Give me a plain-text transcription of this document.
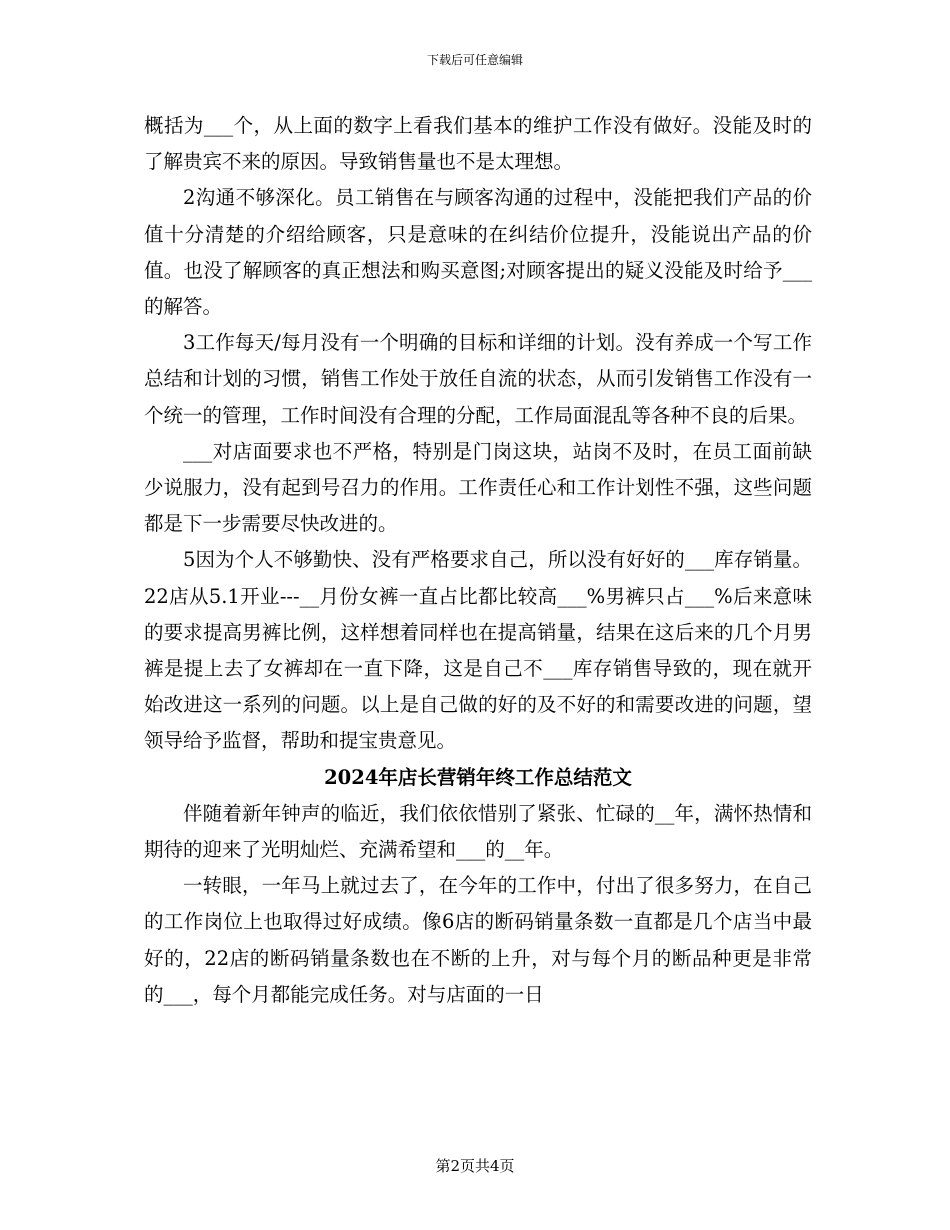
下载后可任意编辑

概括为___个，从上面的数字上看我们基本的维护工作没有做好。没能及时的了解贵宾不来的原因。导致销售量也不是太理想。

2沟通不够深化。员工销售在与顾客沟通的过程中，没能把我们产品的价值十分清楚的介绍给顾客，只是意味的在纠结价位提升，没能说出产品的价值。也没了解顾客的真正想法和购买意图;对顾客提出的疑义没能及时给予___的解答。

3工作每天/每月没有一个明确的目标和详细的计划。没有养成一个写工作总结和计划的习惯，销售工作处于放任自流的状态，从而引发销售工作没有一个统一的管理，工作时间没有合理的分配，工作局面混乱等各种不良的后果。

___对店面要求也不严格，特别是门岗这块，站岗不及时，在员工面前缺少说服力，没有起到号召力的作用。工作责任心和工作计划性不强，这些问题都是下一步需要尽快改进的。

5因为个人不够勤快、没有严格要求自己，所以没有好好的___库存销量。22店从5.1开业---__月份女裤一直占比都比较高___%男裤只占___%后来意味的要求提高男裤比例，这样想着同样也在提高销量，结果在这后来的几个月男裤是提上去了女裤却在一直下降，这是自己不___库存销售导致的，现在就开始改进这一系列的问题。以上是自己做的好的及不好的和需要改进的问题，望领导给予监督，帮助和提宝贵意见。

2024年店长营销年终工作总结范文

伴随着新年钟声的临近，我们依依惜别了紧张、忙碌的__年，满怀热情和期待的迎来了光明灿烂、充满希望和___的__年。

一转眼，一年马上就过去了，在今年的工作中，付出了很多努力，在自己的工作岗位上也取得过好成绩。像6店的断码销量条数一直都是几个店当中最好的，22店的断码销量条数也在不断的上升，对与每个月的断品种更是非常的___，每个月都能完成任务。对与店面的一日

第2页共4页
